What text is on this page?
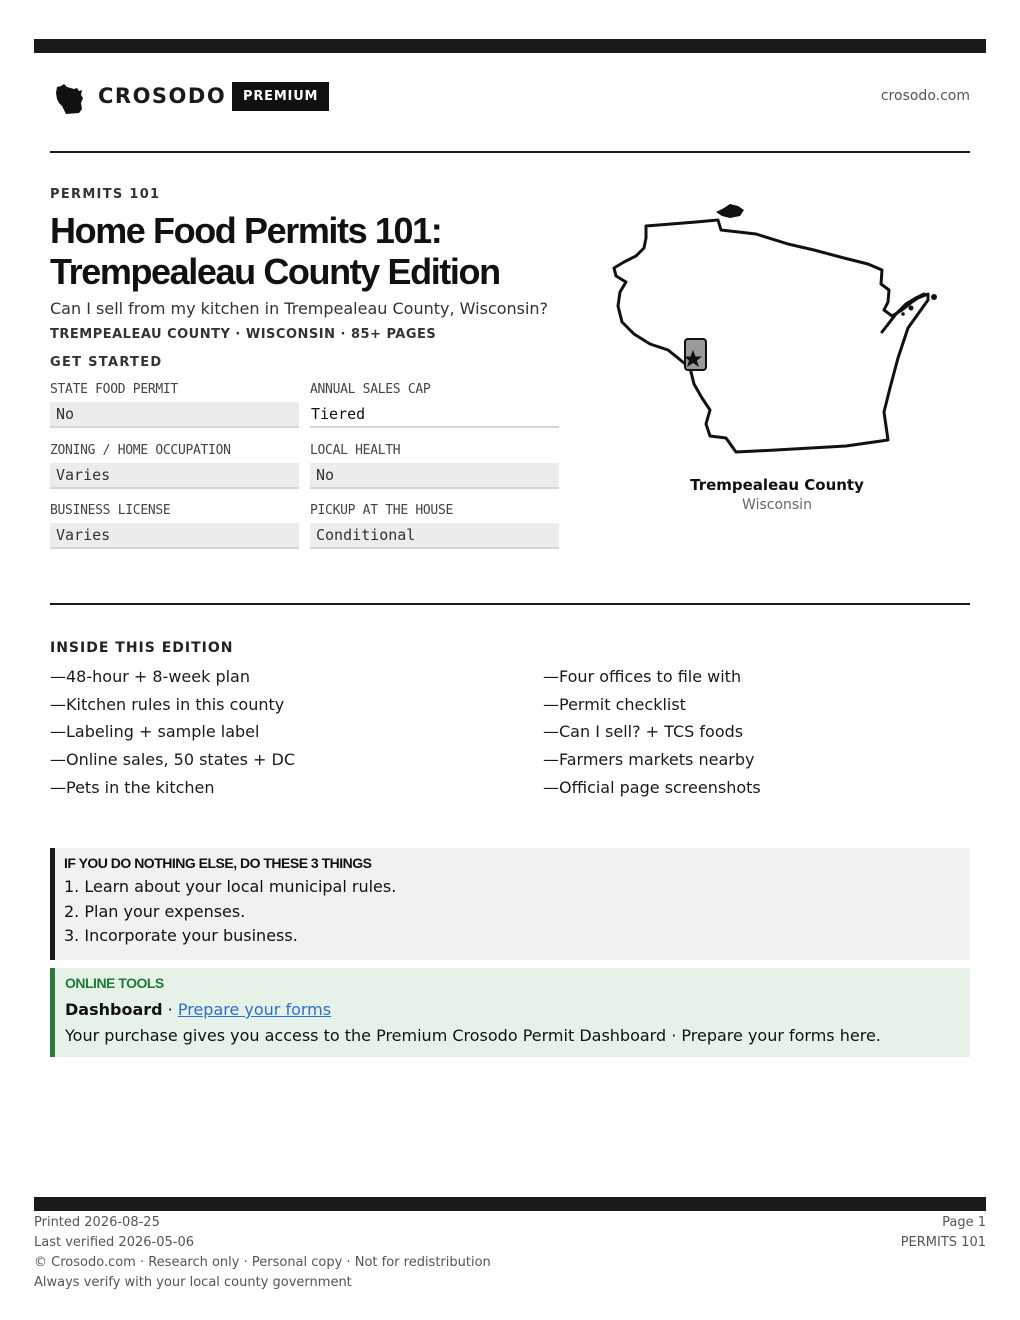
CROSODO	PREMIUM	crosodo.com
PERMITS 101
Home Food Permits 101:
Trempealeau County Edition
Can I sell from my kitchen in Trempealeau County, Wisconsin?
TREMPEALEAU COUNTY · WISCONSIN · 85+ PAGES
GET STARTED
STATE FOOD PERMIT
No
ANNUAL SALES CAP
Tiered
ZONING / HOME OCCUPATION
Varies
LOCAL HEALTH
No
BUSINESS LICENSE
Varies
PICKUP AT THE HOUSE
Conditional
Trempealeau County
Wisconsin
INSIDE THIS EDITION
—48-hour + 8-week plan
—Kitchen rules in this county
—Labeling + sample label
—Online sales, 50 states + DC
—Pets in the kitchen
—Four offices to file with
—Permit checklist
—Can I sell? + TCS foods
—Farmers markets nearby
—Official page screenshots
IF YOU DO NOTHING ELSE, DO THESE 3 THINGS
1. Learn about your local municipal rules.
2. Plan your expenses.
3. Incorporate your business.
ONLINE TOOLS
Dashboard · Prepare your forms
Your purchase gives you access to the Premium Crosodo Permit Dashboard · Prepare your forms here.
Printed 2026-08-25
Last verified 2026-05-06
© Crosodo.com · Research only · Personal copy · Not for redistribution
Always verify with your local county government
Page 1
PERMITS 101
